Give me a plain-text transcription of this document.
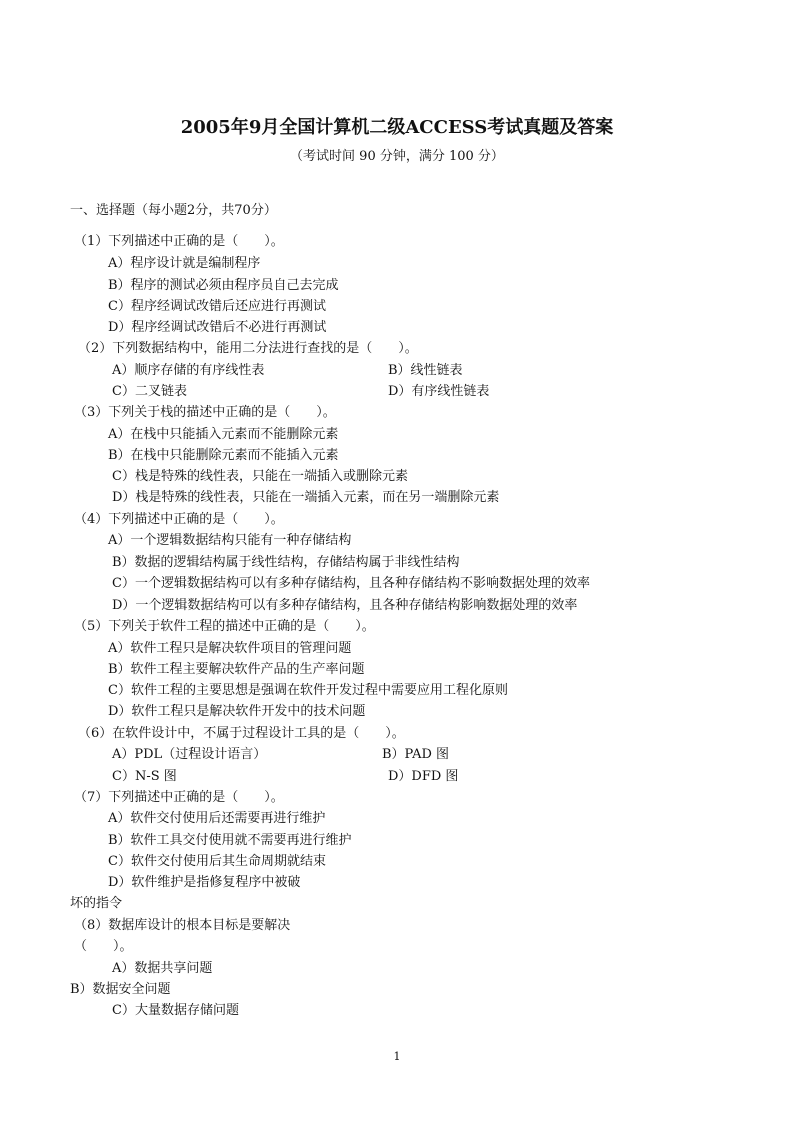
2005年9月全国计算机二级ACCESS考试真题及答案
（考试时间 90 分钟，满分 100 分）
一、选择题（每小题2分，共70分）
（1）下列描述中正确的是（　　）。
A）程序设计就是编制程序
B）程序的测试必须由程序员自己去完成
C）程序经调试改错后还应进行再测试
D）程序经调试改错后不必进行再测试
（2）下列数据结构中，能用二分法进行查找的是（　　）。
A）顺序存储的有序线性表	B）线性链表
C）二叉链表	D）有序线性链表
（3）下列关于栈的描述中正确的是（　　）。
A）在栈中只能插入元素而不能删除元素
B）在栈中只能删除元素而不能插入元素
C）栈是特殊的线性表，只能在一端插入或删除元素
D）栈是特殊的线性表，只能在一端插入元素，而在另一端删除元素
（4）下列描述中正确的是（　　）。
A）一个逻辑数据结构只能有一种存储结构
B）数据的逻辑结构属于线性结构，存储结构属于非线性结构
C）一个逻辑数据结构可以有多种存储结构，且各种存储结构不影响数据处理的效率
D）一个逻辑数据结构可以有多种存储结构，且各种存储结构影响数据处理的效率
（5）下列关于软件工程的描述中正确的是（　　）。
A）软件工程只是解决软件项目的管理问题
B）软件工程主要解决软件产品的生产率问题
C）软件工程的主要思想是强调在软件开发过程中需要应用工程化原则
D）软件工程只是解决软件开发中的技术问题
（6）在软件设计中，不属于过程设计工具的是（　　）。
A）PDL（过程设计语言）	B）PAD 图
C）N-S 图	D）DFD 图
（7）下列描述中正确的是（　　）。
A）软件交付使用后还需要再进行维护
B）软件工具交付使用就不需要再进行维护
C）软件交付使用后其生命周期就结束
D）软件维护是指修复程序中被破
坏的指令
（8）数据库设计的根本目标是要解决
（　　）。
A）数据共享问题
B）数据安全问题
C）大量数据存储问题
1
